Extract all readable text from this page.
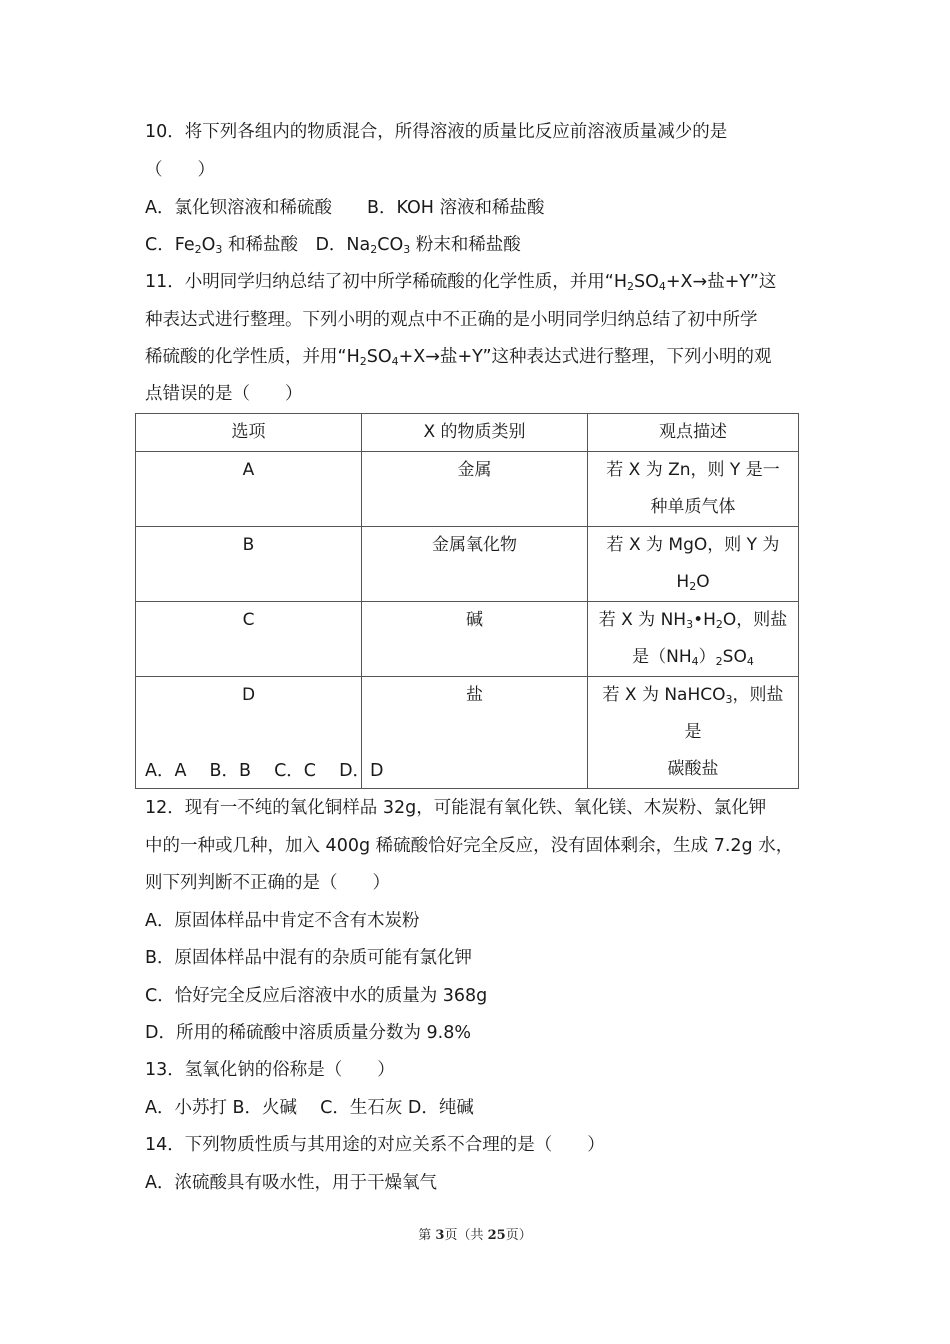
10．将下列各组内的物质混合，所得溶液的质量比反应前溶液质量减少的是
（　　）
A．氯化钡溶液和稀硫酸　　B．KOH 溶液和稀盐酸
C．$Fe_2O_3$ 和稀盐酸　D．$Na_2CO_3$ 粉末和稀盐酸
11．小明同学归纳总结了初中所学稀硫酸的化学性质，并用“$H_2SO_4+X\to$盐+Y”这
种表达式进行整理。下列小明的观点中不正确的是小明同学归纳总结了初中所学
稀硫酸的化学性质，并用“$H_2SO_4+X\to$盐+Y”这种表达式进行整理，下列小明的观
点错误的是（　　）
选项	X 的物质类别	观点描述
A	金属	若 X 为 Zn，则 Y 是一
种单质气体

B	金属氧化物	若 X 为 MgO，则 Y 为
$H_2O$

C	碱	若 X 为 $NH_3•H_2O$，则盐
是$(NH_4)_2SO_4$

D	盐	若 X 为 NaHCO$_3$，则盐是
碳酸盐
A．A　 B．B　 C．C　 D．D
12．现有一不纯的氧化铜样品 32g，可能混有氧化铁、氧化镁、木炭粉、氯化钾
中的一种或几种，加入 400g 稀硫酸恰好完全反应，没有固体剩余，生成 7.2g 水，
则下列判断不正确的是（　　）
A．原固体样品中肯定不含有木炭粉
B．原固体样品中混有的杂质可能有氯化钾
C．恰好完全反应后溶液中水的质量为 368g
D．所用的稀硫酸中溶质质量分数为 9.8%
13．氢氧化钠的俗称是（　　）
A．小苏打 B．火碱　 C．生石灰 D．纯碱
14．下列物质性质与其用途的对应关系不合理的是（　　）
A．浓硫酸具有吸水性，用于干燥氧气
第 3页（共 25页）
